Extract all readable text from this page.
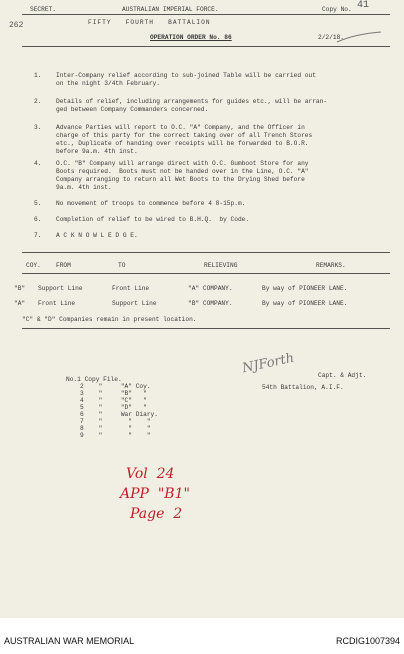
SECRET.	AUSTRALIAN IMPERIAL FORCE.	Copy No. 41
262	FIFTY   FOURTH   BATTALION
OPERATION ORDER No. 86	2/2/18.
1. Inter-Company relief according to sub-joined Table will be carried out
on the night 3/4th February.
2. Details of relief, including arrangements for guides etc., will be arran-
ged between Company Commanders concerned.
3. Advance Parties will report to O.C. "A" Company, and the Officer in
charge of this party for the correct taking over of all Trench Stores
etc., Duplicate of handing over receipts will be forwarded to B.O.R.
before 9a.m. 4th inst.
4. O.C. "B" Company will arrange direct with O.C. Gumboot Store for any
Boots required.  Boots must not be handed over in the Line, O.C. "A"
Company arranging to return all Wet Boots to the Drying Shed before
9a.m. 4th inst.
5. No movement of troops to commence before 4 8-15p.m.
6. Completion of relief to be wired to B.H.Q.  by Code.
7. A C K N O W L E D G E.
COY. FROM	TO	RELIEVING	REMARKS.
"B" Support Line	Front Line	"A" COMPANY.	By way of PIONEER LANE.
"A" Front Line	Support Line	"B" COMPANY.	By way of PIONEER LANE.
"C" & "D" Companies remain in present location.
No.1 Copy File.
2    "     "A" Coy.
3    "     "B"   "
4    "     "C"   "
5    "     "D"   "
6    "     War Diary.
7    "       "    "
8    "       "    "
9    "       "    "
NJForth	Capt. & Adjt.
54th Battalion, A.I.F.
Vol  24
APP  "B1"
Page  2
AUSTRALIAN WAR MEMORIAL	RCDIG1007394
